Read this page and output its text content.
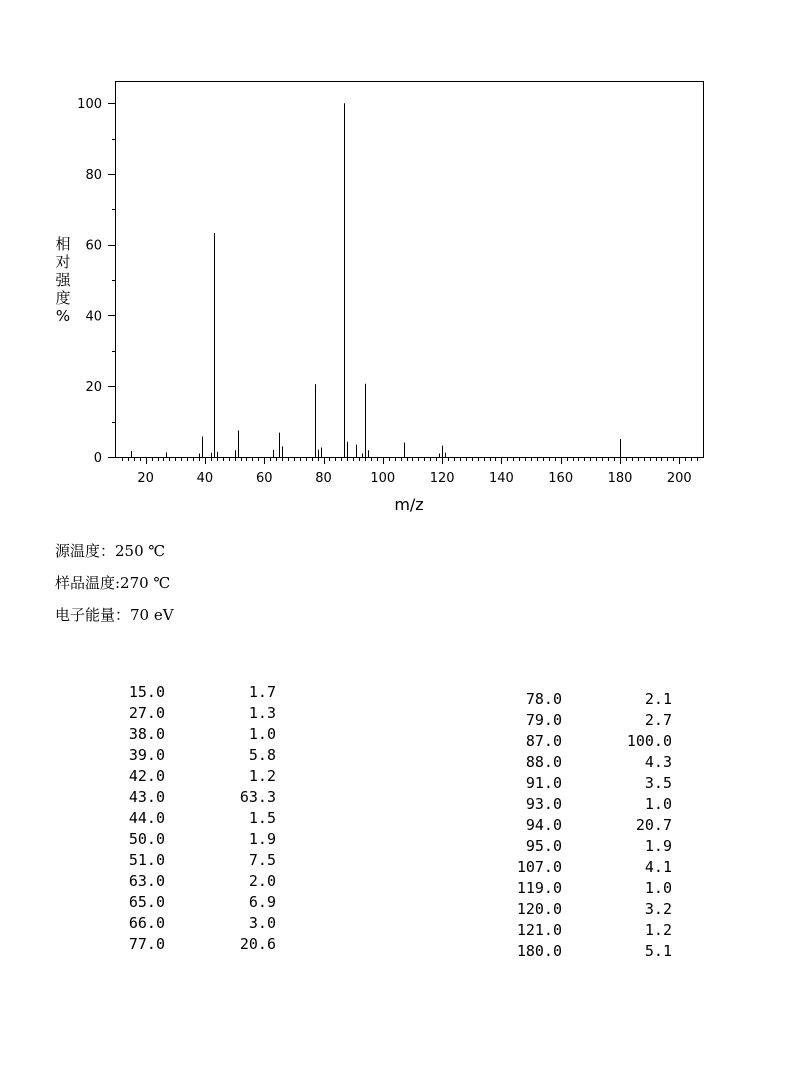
0
20
40
60
80
100
20	40	60	80	100	120	140	160	180	200
m/z
相
对
强
度
%
源温度：250 ℃
样品温度:270 ℃
电子能量：70 eV
15.0	1.7
27.0	1.3
38.0	1.0
39.0	5.8
42.0	1.2
43.0	63.3
44.0	1.5
50.0	1.9
51.0	7.5
63.0	2.0
65.0	6.9
66.0	3.0
77.0	20.6
78.0	2.1
79.0	2.7
87.0	100.0
88.0	4.3
91.0	3.5
93.0	1.0
94.0	20.7
95.0	1.9
107.0	4.1
119.0	1.0
120.0	3.2
121.0	1.2
180.0	5.1
